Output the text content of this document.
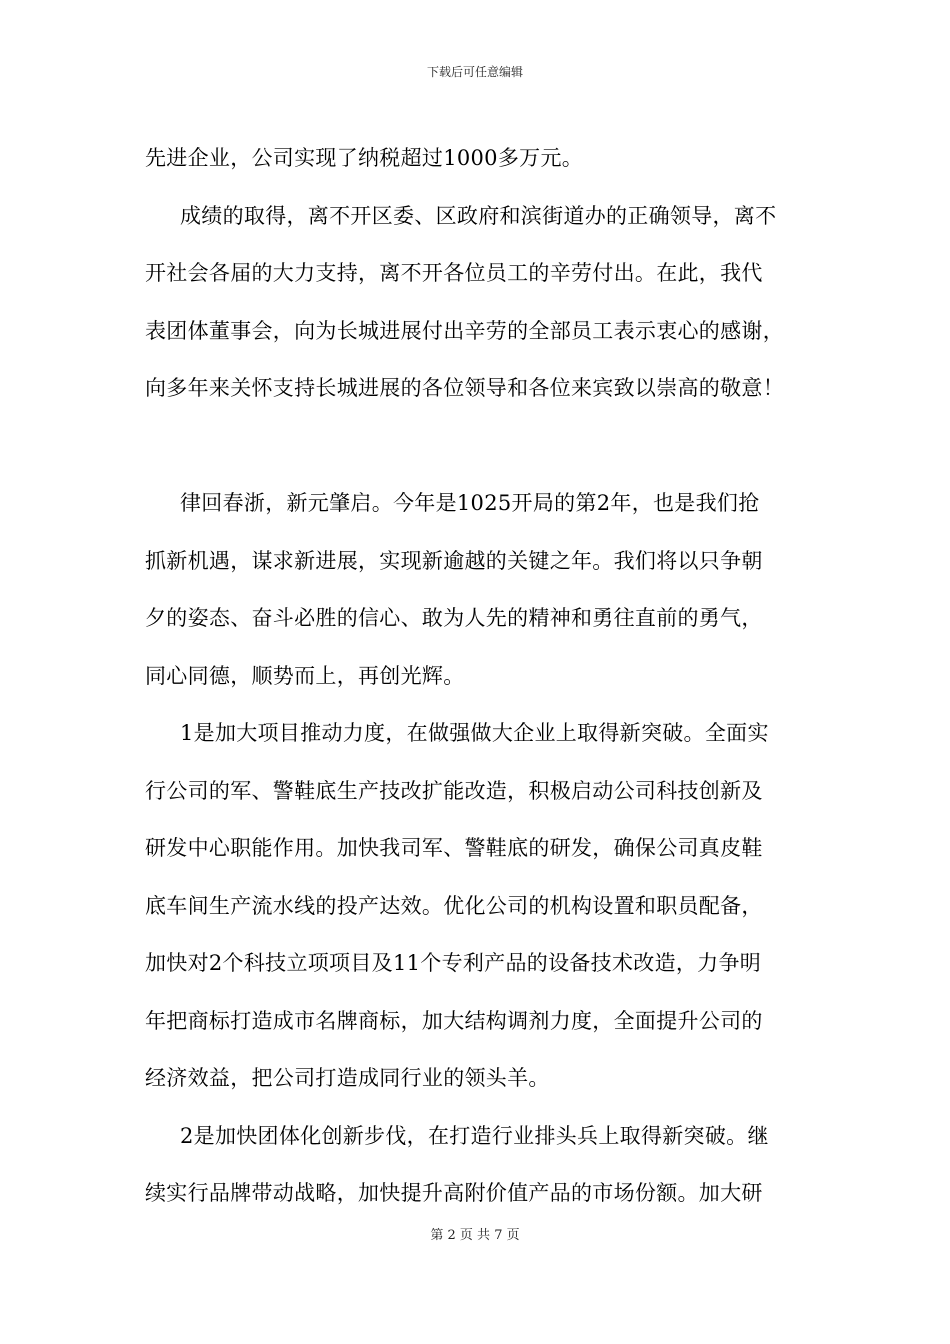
下载后可任意编辑
先进企业，公司实现了纳税超过1000多万元。
成绩的取得，离不开区委、区政府和滨街道办的正确领导，离不
开社会各届的大力支持，离不开各位员工的辛劳付出。在此，我代
表团体董事会，向为长城进展付出辛劳的全部员工表示衷心的感谢，
向多年来关怀支持长城进展的各位领导和各位来宾致以崇高的敬意！
律回春浙，新元肇启。今年是1025开局的第2年，也是我们抢
抓新机遇，谋求新进展，实现新逾越的关键之年。我们将以只争朝
夕的姿态、奋斗必胜的信心、敢为人先的精神和勇往直前的勇气，
同心同德，顺势而上，再创光辉。
1是加大项目推动力度，在做强做大企业上取得新突破。全面实
行公司的军、警鞋底生产技改扩能改造，积极启动公司科技创新及
研发中心职能作用。加快我司军、警鞋底的研发，确保公司真皮鞋
底车间生产流水线的投产达效。优化公司的机构设置和职员配备，
加快对2个科技立项项目及11个专利产品的设备技术改造，力争明
年把商标打造成市名牌商标，加大结构调剂力度，全面提升公司的
经济效益，把公司打造成同行业的领头羊。
2是加快团体化创新步伐，在打造行业排头兵上取得新突破。继
续实行品牌带动战略，加快提升高附价值产品的市场份额。加大研
第 2 页 共 7 页
